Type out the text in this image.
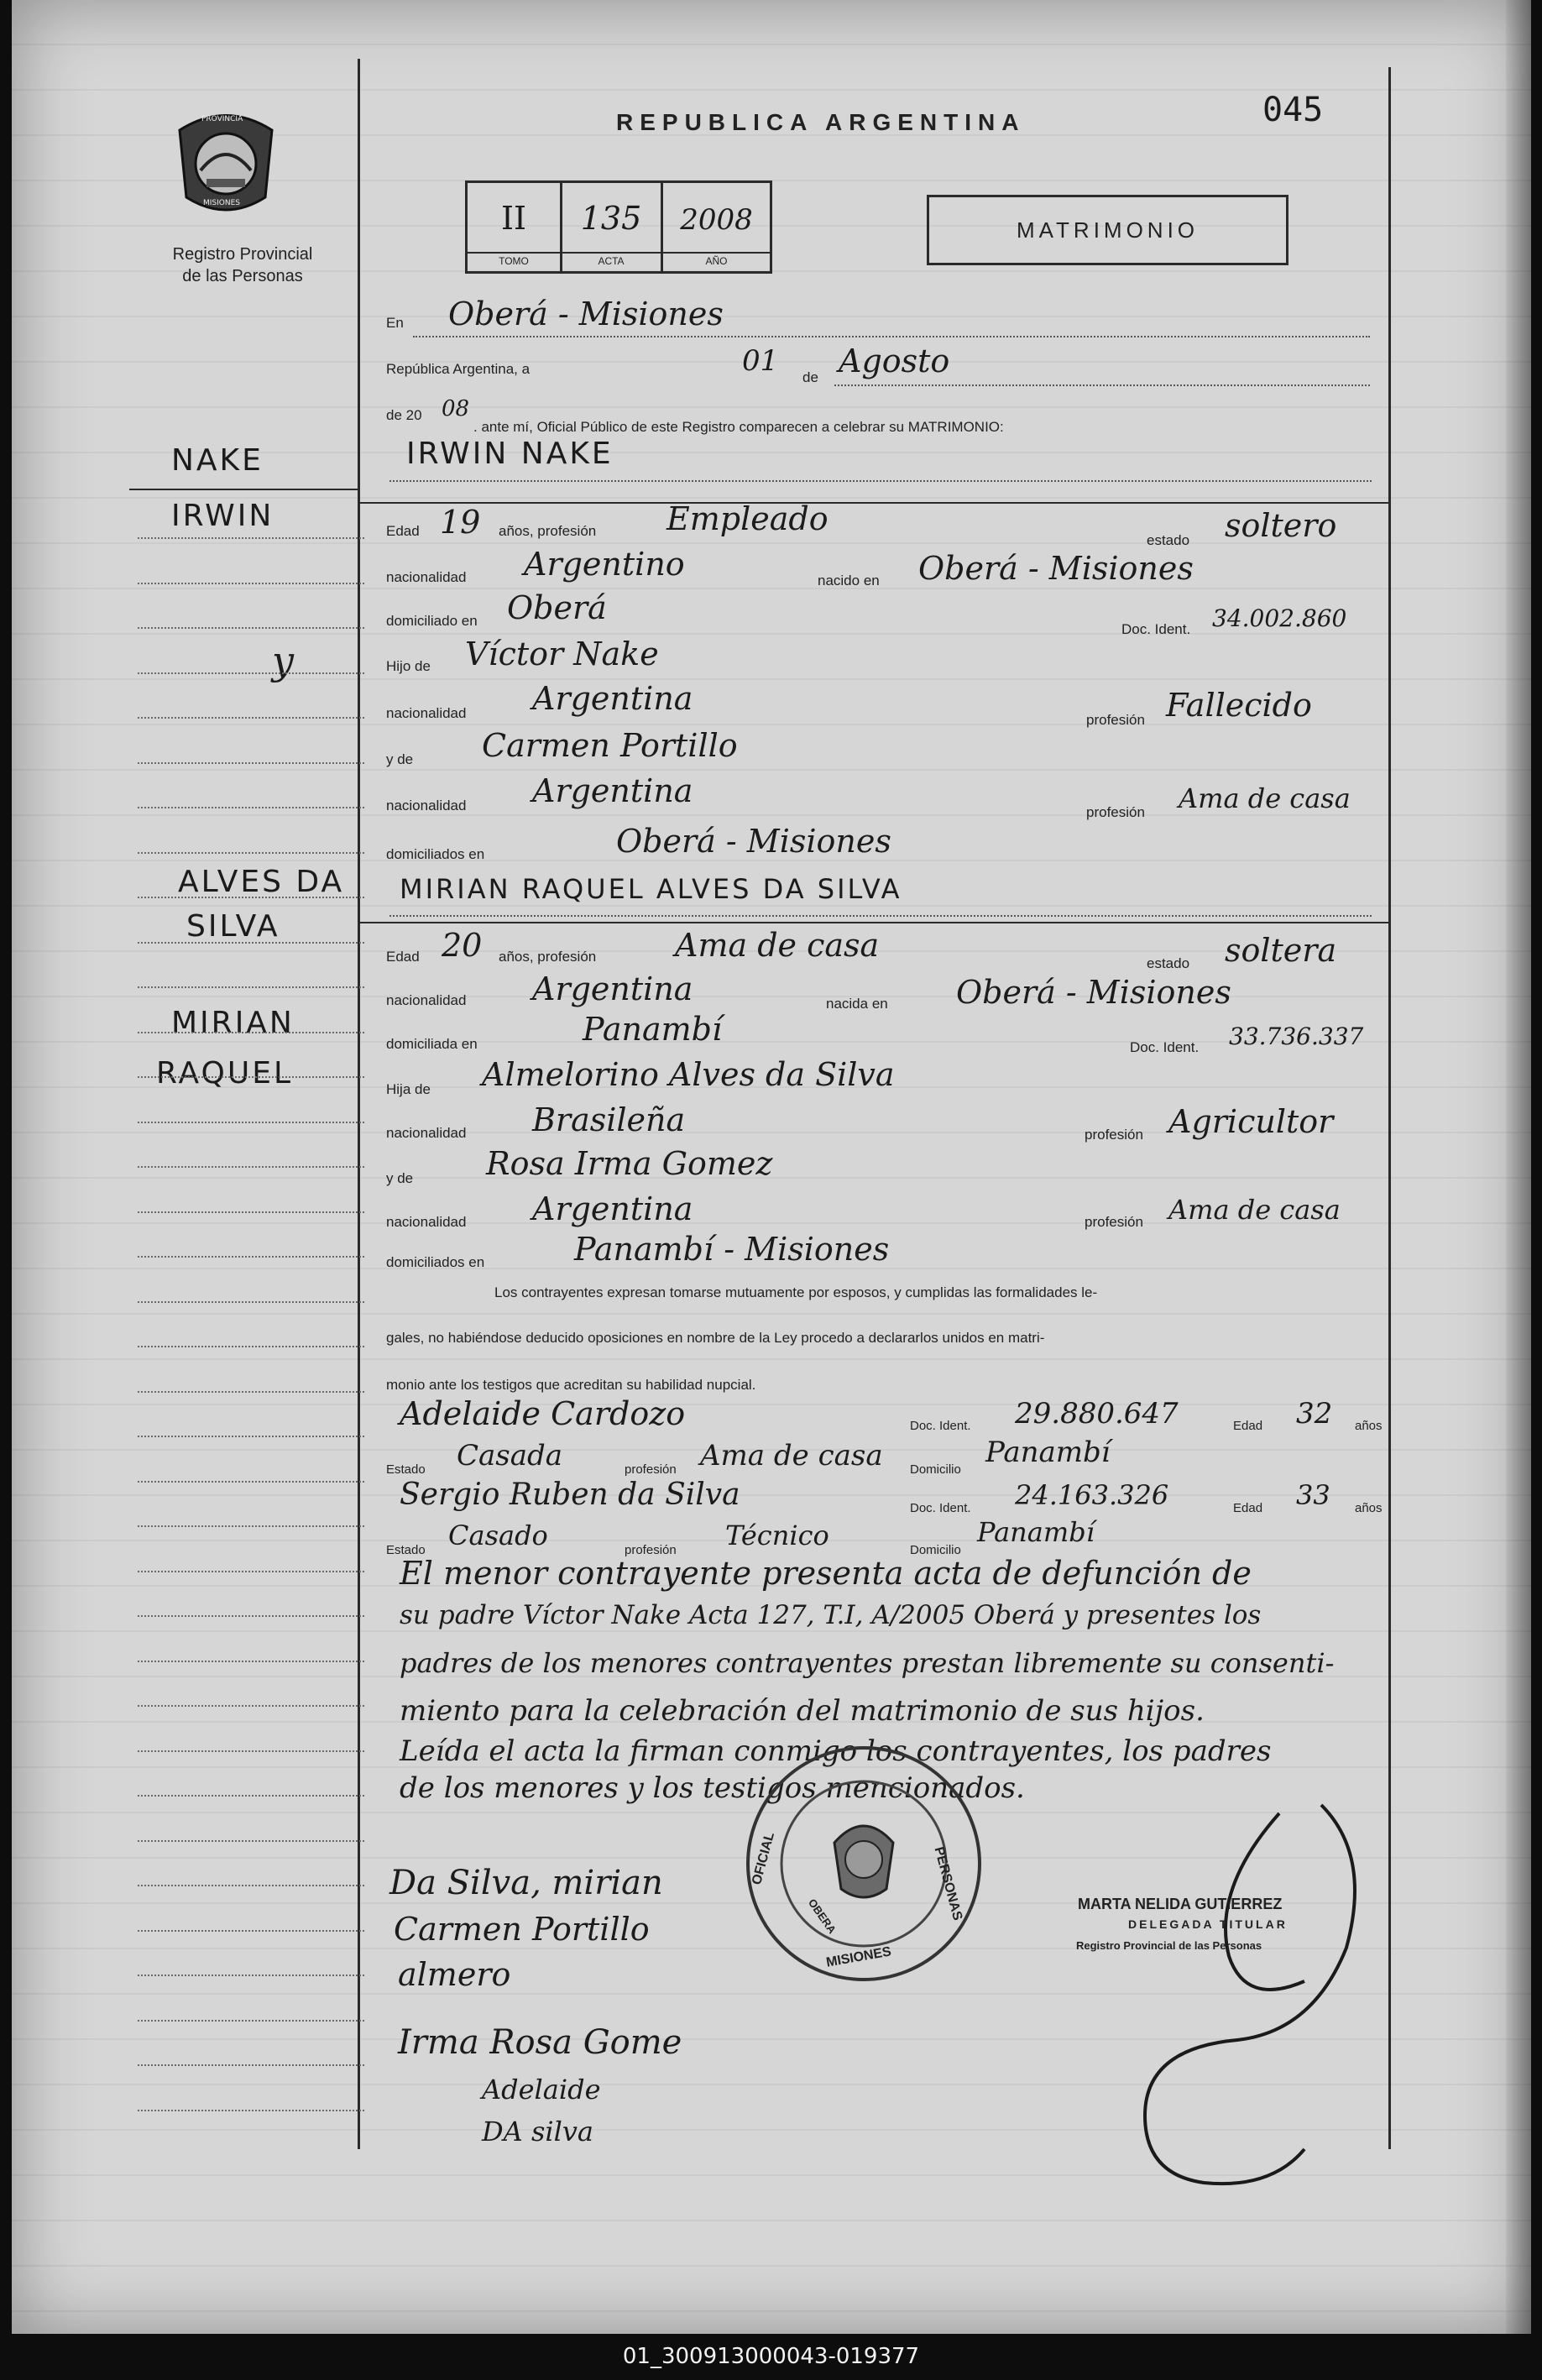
PROVINCIA
MISIONES
Registro Provincial
de las Personas
REPUBLICA ARGENTINA	045
II	135	2008
TOMO	ACTA	AÑO
MATRIMONIO
En Oberá - Misiones
República Argentina, a	01 de Agosto
de 20 08
. ante mí, Oficial Público de este Registro comparecen a celebrar su MATRIMONIO:
IRWIN NAKE
NAKE
IRWIN
y
ALVES DA
SILVA
MIRIAN
RAQUEL
Edad 19 años, profesión Empleado
estado soltero
nacionalidad Argentino	nacido en Oberá - Misiones
domiciliado en Oberá
Doc. Ident. 34.002.860
Hijo de Víctor Nake
nacionalidad Argentina
profesión Fallecido
y de Carmen Portillo
nacionalidad Argentina
profesión Ama de casa
domiciliados en	Oberá - Misiones
MIRIAN RAQUEL ALVES DA SILVA
Edad 20 años, profesión Ama de casa	estado soltera
nacionalidad Argentina	nacida en Oberá - Misiones
domiciliada en	Panambí	Doc. Ident. 33.736.337
Hija de Almelorino Alves da Silva
nacionalidad Brasileña	profesión Agricultor
y de Rosa Irma Gomez
nacionalidad Argentina	profesión Ama de casa
domiciliados en	Panambí - Misiones
Los contrayentes expresan tomarse mutuamente por esposos, y cumplidas las formalidades le-
gales, no habiéndose deducido oposiciones en nombre de la Ley procedo a declararlos unidos en matri-
monio ante los testigos que acreditan su habilidad nupcial.
Adelaide Cardozo	Doc. Ident. 29.880.647	Edad 32 años
Estado Casada	profesión Ama de casa Domicilio
Panambí
Sergio Ruben da Silva	Doc. Ident. 24.163.326	Edad 33 años
Estado Casado	profesión Técnico	Domicilio
Panambí
El menor contrayente presenta acta de defunción de
su padre Víctor Nake Acta 127, T.I, A/2005 Oberá y presentes los
padres de los menores contrayentes prestan libremente su consenti-
miento para la celebración del matrimonio de sus hijos.
Leída el acta la firman conmigo los contrayentes, los padres
de los menores y los testigos mencionados.
OFICIAL
MISIONES
PERSONAS
OBERA
Da Silva, mirian
Carmen Portillo
almero
Irma Rosa Gome
Adelaide
DA silva
MARTA NELIDA GUTIERREZ
DELEGADA TITULAR
Registro Provincial de las Personas
01_300913000043-019377
